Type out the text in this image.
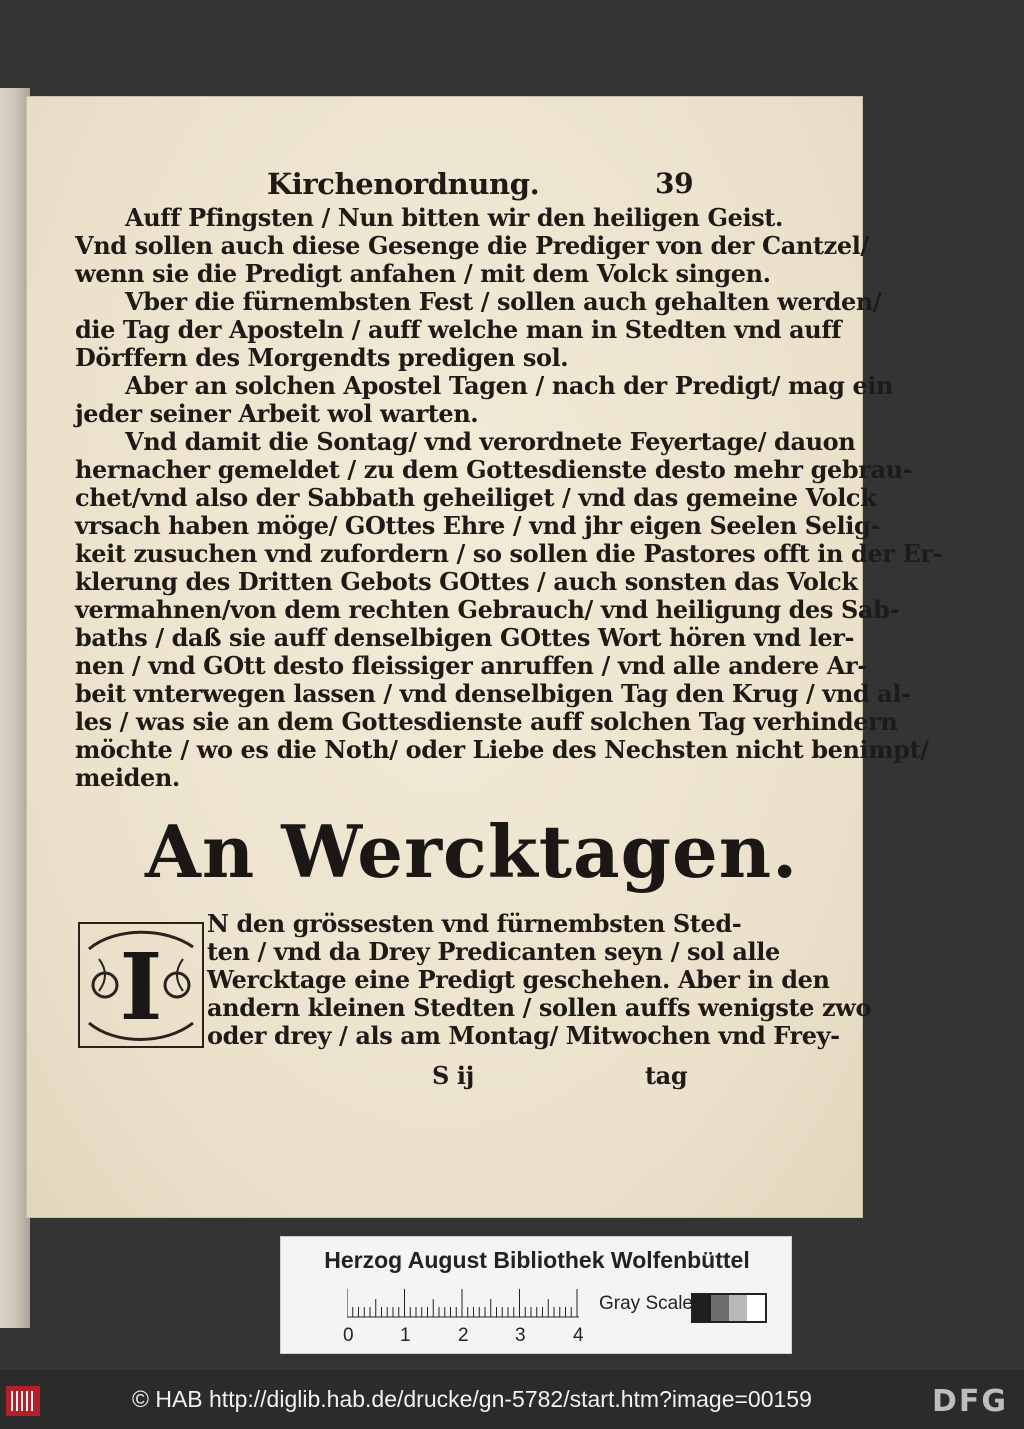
Kirchenordnung.	39
Auff Pfingsten / Nun bitten wir den heiligen Geist.
Vnd sollen auch diese Gesenge die Prediger von der Cantzel/
wenn sie die Predigt anfahen / mit dem Volck singen.
Vber die fürnembsten Fest / sollen auch gehalten werden/
die Tag der Aposteln / auff welche man in Stedten vnd auff
Dörffern des Morgendts predigen sol.
Aber an solchen Apostel Tagen / nach der Predigt/ mag ein
jeder seiner Arbeit wol warten.
Vnd damit die Sontag/ vnd verordnete Feyertage/ dauon
hernacher gemeldet / zu dem Gottesdienste desto mehr gebrau-
chet/vnd also der Sabbath geheiliget / vnd das gemeine Volck
vrsach haben möge/ GOttes Ehre / vnd jhr eigen Seelen Selig-
keit zusuchen vnd zufordern / so sollen die Pastores offt in der Er-
klerung des Dritten Gebots GOttes / auch sonsten das Volck
vermahnen/von dem rechten Gebrauch/ vnd heiligung des Sab-
baths / daß sie auff denselbigen GOttes Wort hören vnd ler-
nen / vnd GOtt desto fleissiger anruffen / vnd alle andere Ar-
beit vnterwegen lassen / vnd denselbigen Tag den Krug / vnd al-
les / was sie an dem Gottesdienste auff solchen Tag verhindern
möchte / wo es die Noth/ oder Liebe des Nechsten nicht benimpt/
meiden.
An Wercktagen.
I
N den grössesten vnd fürnembsten Sted-
ten / vnd da Drey Predicanten seyn / sol alle
Wercktage eine Predigt geschehen. Aber in den
andern kleinen Stedten / sollen auffs wenigste zwo
oder drey / als am Montag/ Mitwochen vnd Frey-
S ij	tag
Herzog August Bibliothek Wolfenbüttel
0 1 2 3 4
Gray Scale
© HAB http://diglib.hab.de/drucke/gn-5782/start.htm?image=00159	DFG
